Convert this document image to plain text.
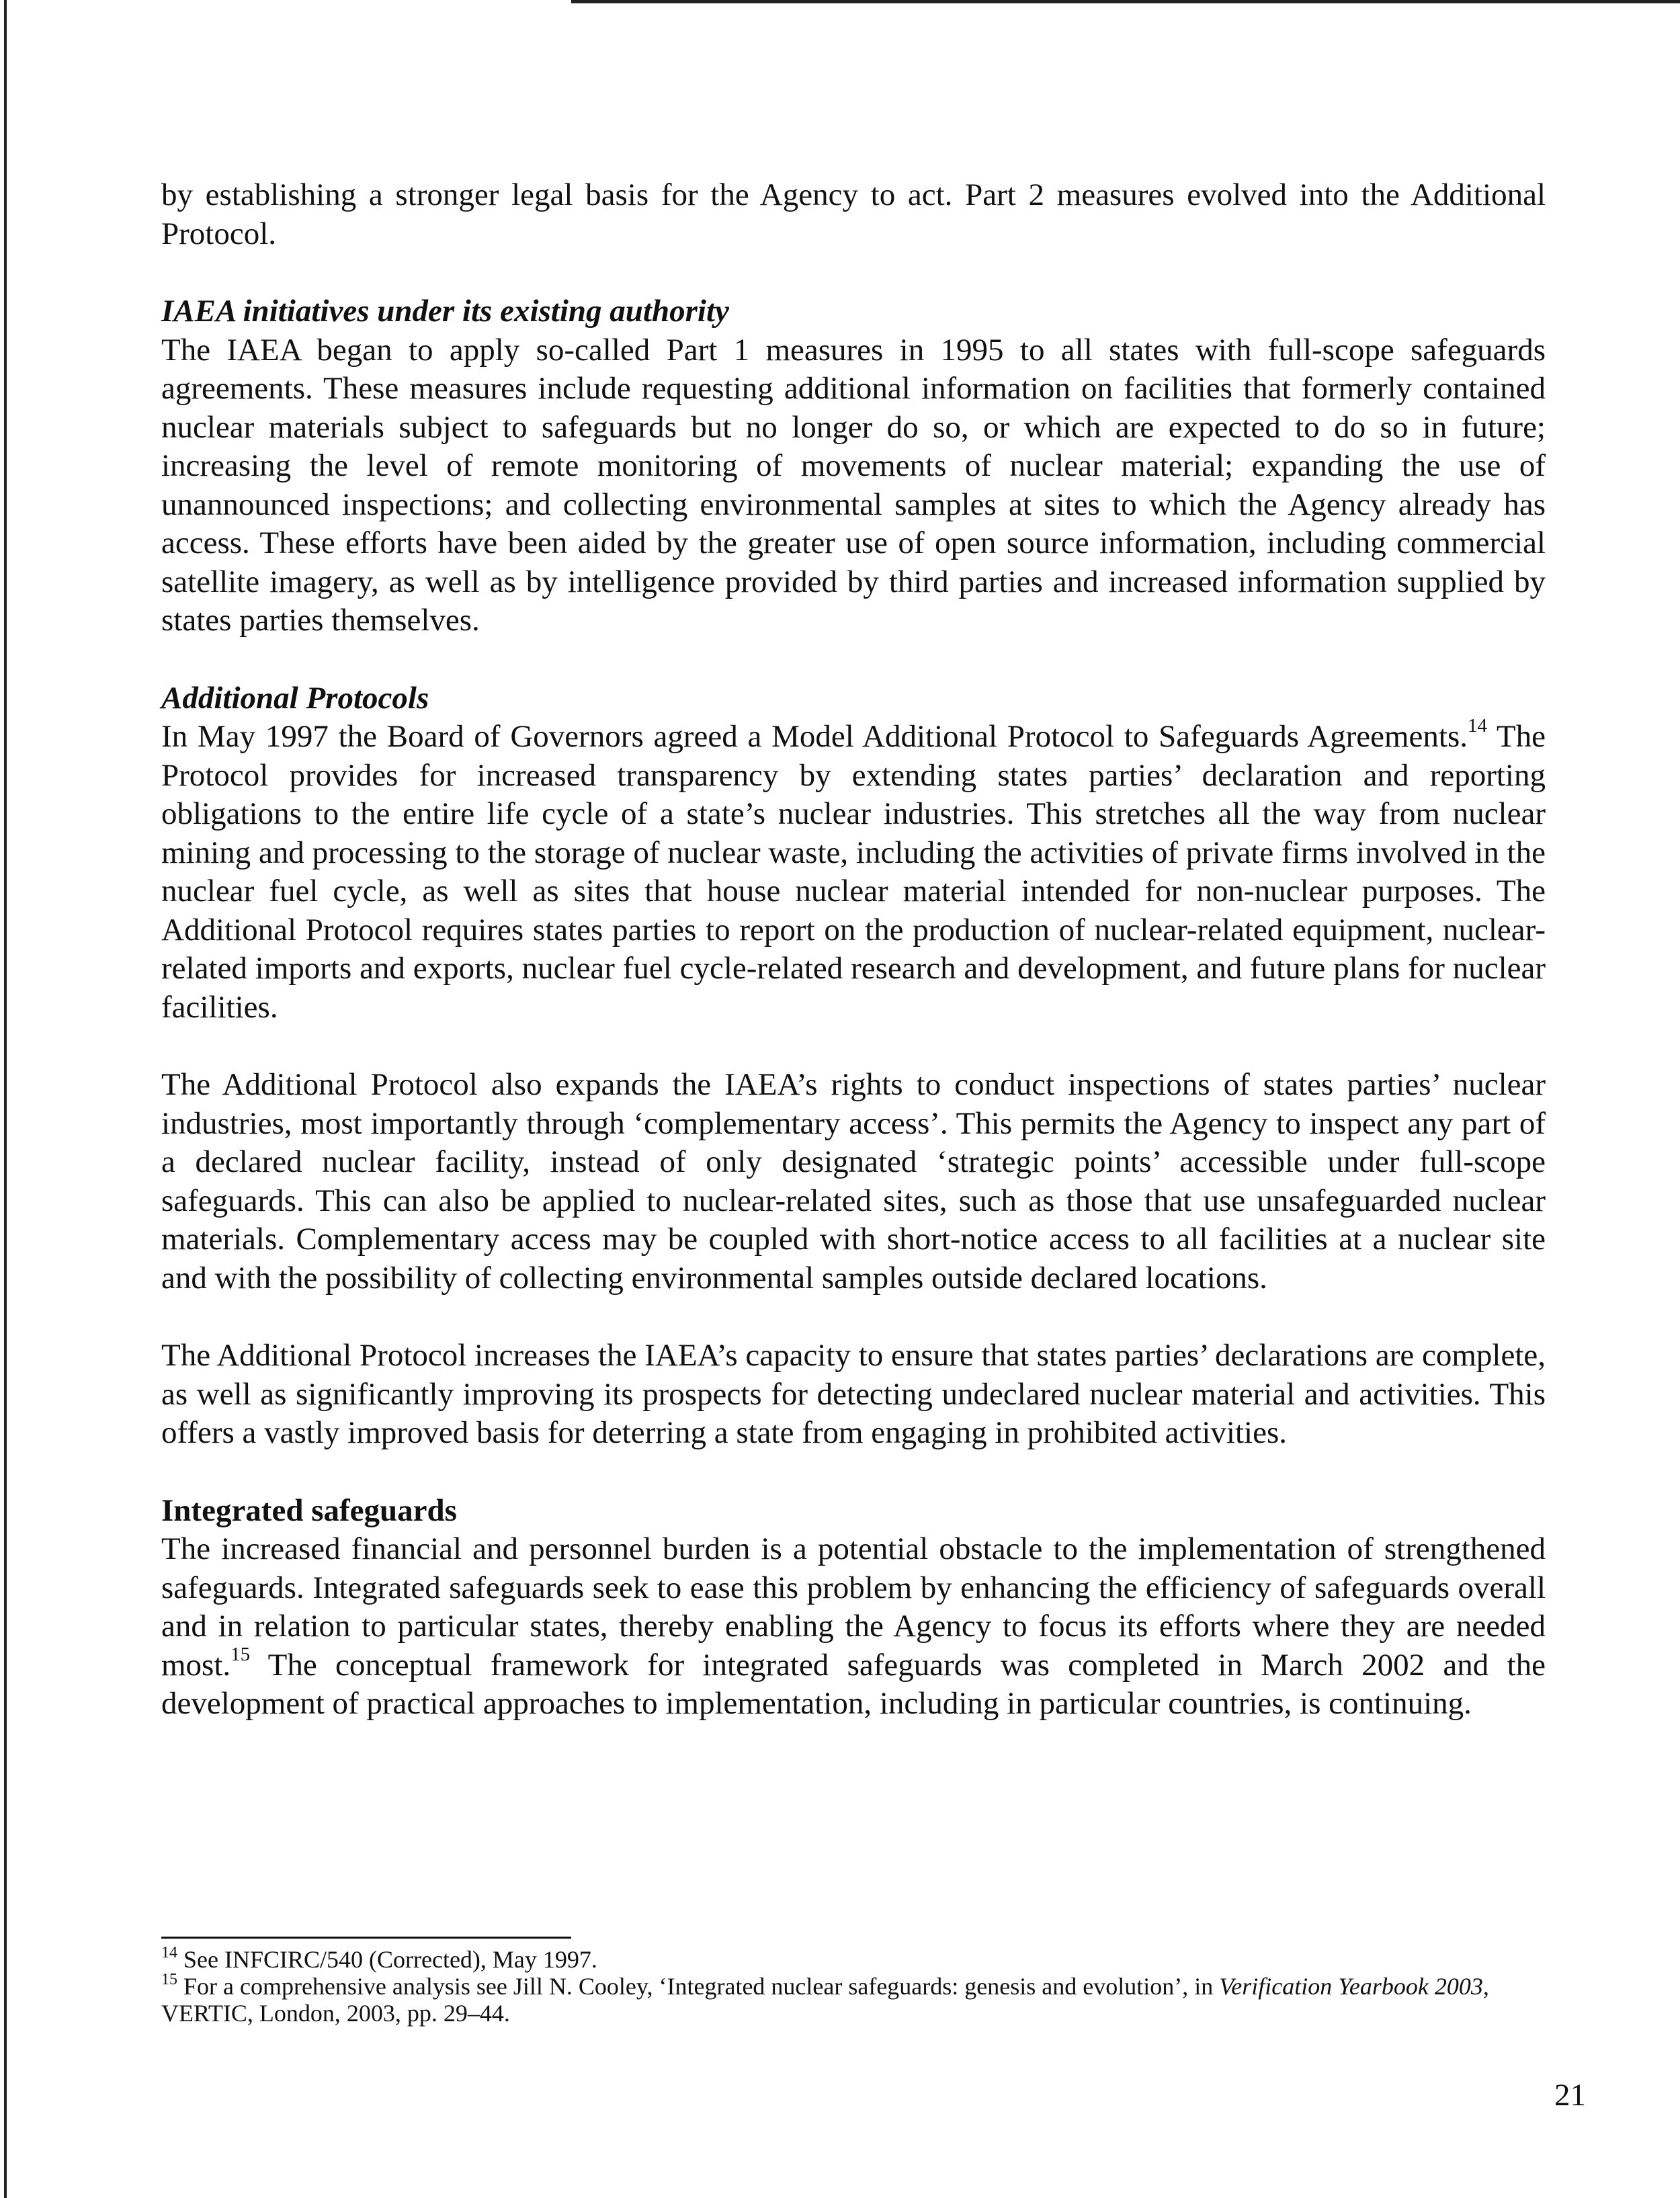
by establishing a stronger legal basis for the Agency to act. Part 2 measures evolved into the Additional Protocol.

IAEA initiatives under its existing authority

The IAEA began to apply so-called Part 1 measures in 1995 to all states with full-scope safeguards agreements. These measures include requesting additional information on facilities that formerly contained nuclear materials subject to safeguards but no longer do so, or which are expected to do so in future; increasing the level of remote monitoring of movements of nuclear material; expanding the use of unannounced inspections; and collecting environmental samples at sites to which the Agency already has access. These efforts have been aided by the greater use of open source information, including commercial satellite imagery, as well as by intelligence provided by third parties and increased information supplied by states parties themselves.

Additional Protocols

In May 1997 the Board of Governors agreed a Model Additional Protocol to Safeguards Agreements.$^{14}$ The Protocol provides for increased transparency by extending states parties’ declaration and reporting obligations to the entire life cycle of a state’s nuclear industries. This stretches all the way from nuclear mining and processing to the storage of nuclear waste, including the activities of private firms involved in the nuclear fuel cycle, as well as sites that house nuclear material intended for non-nuclear purposes. The Additional Protocol requires states parties to report on the production of nuclear-related equipment, nuclear-related imports and exports, nuclear fuel cycle-related research and development, and future plans for nuclear facilities.

The Additional Protocol also expands the IAEA’s rights to conduct inspections of states parties’ nuclear industries, most importantly through ‘complementary access’. This permits the Agency to inspect any part of a declared nuclear facility, instead of only designated ‘strategic points’ accessible under full-scope safeguards. This can also be applied to nuclear-related sites, such as those that use unsafeguarded nuclear materials. Complementary access may be coupled with short-notice access to all facilities at a nuclear site and with the possibility of collecting environmental samples outside declared locations.

The Additional Protocol increases the IAEA’s capacity to ensure that states parties’ declarations are complete, as well as significantly improving its prospects for detecting undeclared nuclear material and activities. This offers a vastly improved basis for deterring a state from engaging in prohibited activities.

Integrated safeguards

The increased financial and personnel burden is a potential obstacle to the implementation of strengthened safeguards. Integrated safeguards seek to ease this problem by enhancing the efficiency of safeguards overall and in relation to particular states, thereby enabling the Agency to focus its efforts where they are needed most.$^{15}$ The conceptual framework for integrated safeguards was completed in March 2002 and the development of practical approaches to implementation, including in particular countries, is continuing.

$^{14}$ See INFCIRC/540 (Corrected), May 1997.

$^{15}$ For a comprehensive analysis see Jill N. Cooley, ‘Integrated nuclear safeguards: genesis and evolution’, in Verification Yearbook 2003, VERTIC, London, 2003, pp. 29–44.

21
